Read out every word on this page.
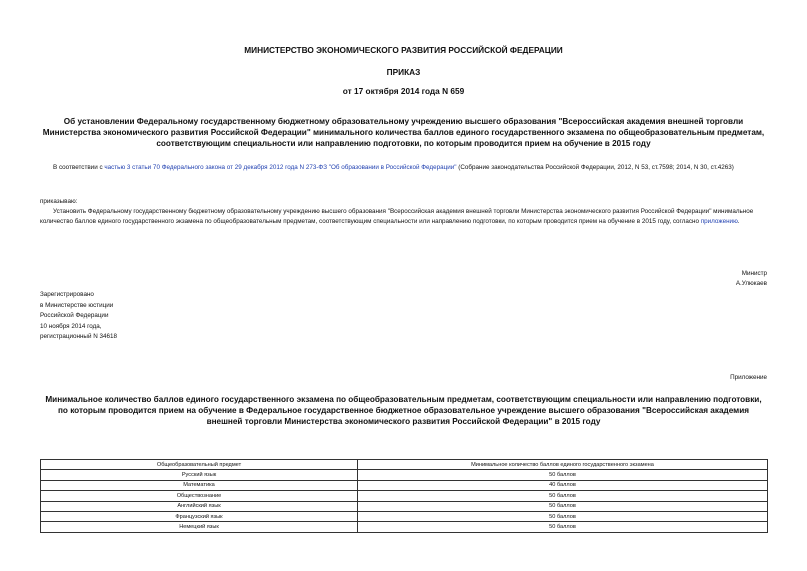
МИНИСТЕРСТВО ЭКОНОМИЧЕСКОГО РАЗВИТИЯ РОССИЙСКОЙ ФЕДЕРАЦИИ
ПРИКАЗ
от 17 октября 2014 года N 659
Об установлении Федеральному государственному бюджетному образовательному учреждению высшего образования "Всероссийская академия внешней торговли Министерства экономического развития Российской Федерации" минимального количества баллов единого государственного экзамена по общеобразовательным предметам, соответствующим специальности или направлению подготовки, по которым проводится прием на обучение в 2015 году
В соответствии с частью 3 статьи 70 Федерального закона от 29 декабря 2012 года N 273-ФЗ "Об образовании в Российской Федерации" (Собрание законодательства Российской Федерации, 2012, N 53, ст.7598; 2014, N 30, ст.4263)
приказываю:
Установить Федеральному государственному бюджетному образовательному учреждению высшего образования "Всероссийская академия внешней торговли Министерства экономического развития Российской Федерации" минимальное количество баллов единого государственного экзамена по общеобразовательным предметам, соответствующим специальности или направлению подготовки, по которым проводится прием на обучение в 2015 году, согласно приложению.
Министр
А.Улюкаев
Зарегистрировано
в Министерстве юстиции
Российской Федерации
10 ноября 2014 года,
регистрационный N 34618
Приложение
Минимальное количество баллов единого государственного экзамена по общеобразовательным предметам, соответствующим специальности или направлению подготовки, по которым проводится прием на обучение в Федеральное государственное бюджетное образовательное учреждение высшего образования "Всероссийская академия внешней торговли Министерства экономического развития Российской Федерации" в 2015 году
Общеобразовательный предмет	Минимальное количество баллов единого государственного экзамена
Русский язык	50 баллов
Математика	40 баллов
Обществознание	50 баллов
Английский язык	50 баллов
Французский язык	50 баллов
Немецкий язык	50 баллов
